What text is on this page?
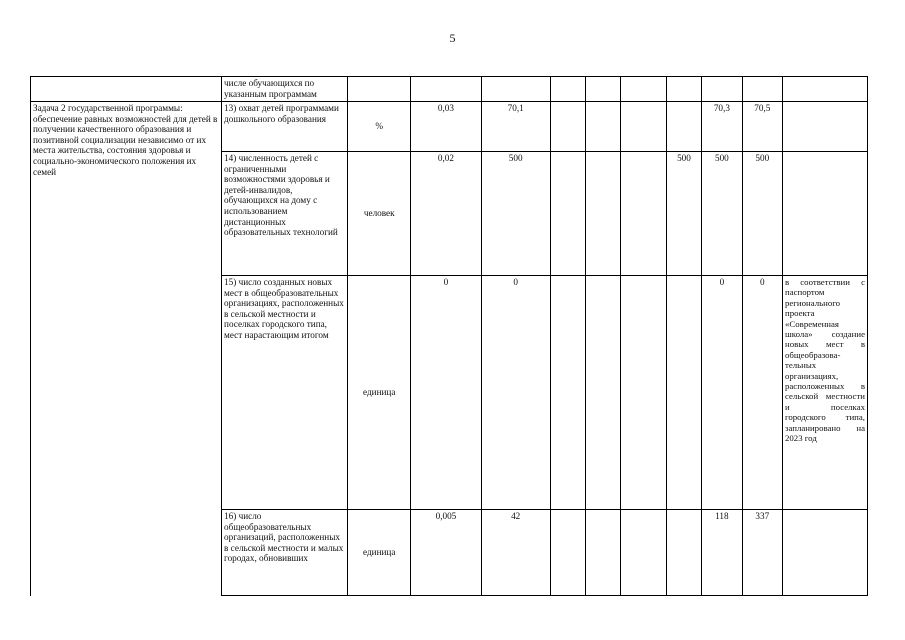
5
	числе обучающихся по указанным программам										
Задача 2 государственной программы: обеспечение равных возможностей для детей в получении качественного образования и позитивной социализации независимо от их места жительства, состояния здоровья и социально-экономического положения их семей	13) охват детей программами дошкольного образования	%	0,03	70,1					70,3	70,5	
	14) численность детей с ограниченными возможностями здоровья и детей-инвалидов, обучающихся на дому с использованием дистанционных образовательных технологий	человек	0,02	500				500	500	500	
	15) число созданных новых мест в общеобразовательных организациях, расположенных в сельской местности и поселках городского типа, мест нарастающим итогом	единица	0	0					0	0	в соответствии с паспортом регионального проекта «Современная школа» создание новых мест в общеобразова-тельных организациях, расположенных в сельской местности и поселках городского типа, запланировано на 2023 год
	16) число общеобразовательных организаций, расположенных в сельской местности и малых городах, обновивших	единица	0,005	42					118	337	
